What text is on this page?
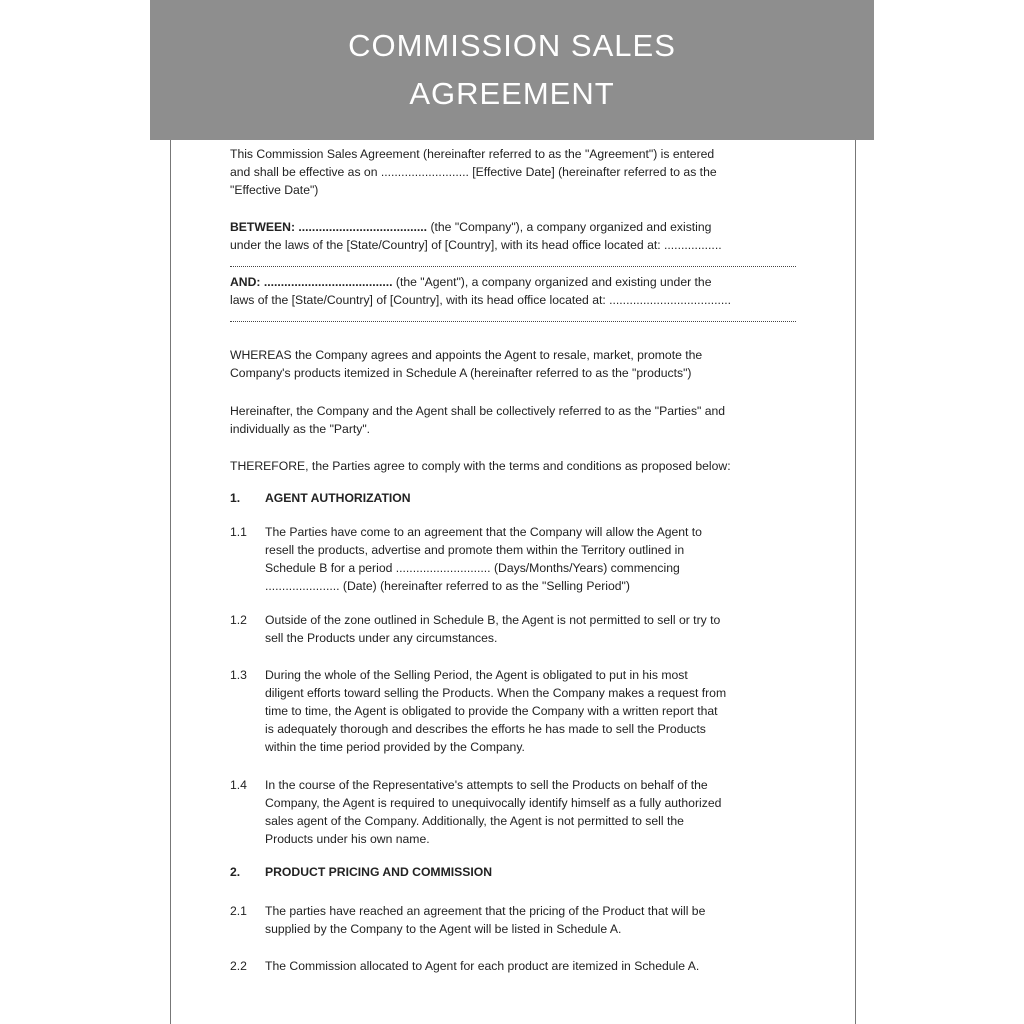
COMMISSION SALES
AGREEMENT
This Commission Sales Agreement (hereinafter referred to as the "Agreement") is entered
and shall be effective as on .......................... [Effective Date] (hereinafter referred to as the
"Effective Date")
BETWEEN: ...................................... (the "Company"), a company organized and existing
under the laws of the [State/Country] of [Country], with its head office located at: .................
AND: ...................................... (the "Agent"), a company organized and existing under the
laws of the [State/Country] of [Country], with its head office located at: ....................................
WHEREAS the Company agrees and appoints the Agent to resale, market, promote the
Company's products itemized in Schedule A (hereinafter referred to as the "products")
Hereinafter, the Company and the Agent shall be collectively referred to as the "Parties" and
individually as the "Party".
THEREFORE, the Parties agree to comply with the terms and conditions as proposed below:
1. AGENT AUTHORIZATION
1.1 The Parties have come to an agreement that the Company will allow the Agent to
resell the products, advertise and promote them within the Territory outlined in
Schedule B for a period ............................ (Days/Months/Years) commencing
...................... (Date) (hereinafter referred to as the "Selling Period")
1.2 Outside of the zone outlined in Schedule B, the Agent is not permitted to sell or try to
sell the Products under any circumstances.
1.3 During the whole of the Selling Period, the Agent is obligated to put in his most
diligent efforts toward selling the Products. When the Company makes a request from
time to time, the Agent is obligated to provide the Company with a written report that
is adequately thorough and describes the efforts he has made to sell the Products
within the time period provided by the Company.
1.4 In the course of the Representative's attempts to sell the Products on behalf of the
Company, the Agent is required to unequivocally identify himself as a fully authorized
sales agent of the Company. Additionally, the Agent is not permitted to sell the
Products under his own name.
2. PRODUCT PRICING AND COMMISSION
2.1 The parties have reached an agreement that the pricing of the Product that will be
supplied by the Company to the Agent will be listed in Schedule A.
2.2 The Commission allocated to Agent for each product are itemized in Schedule A.
